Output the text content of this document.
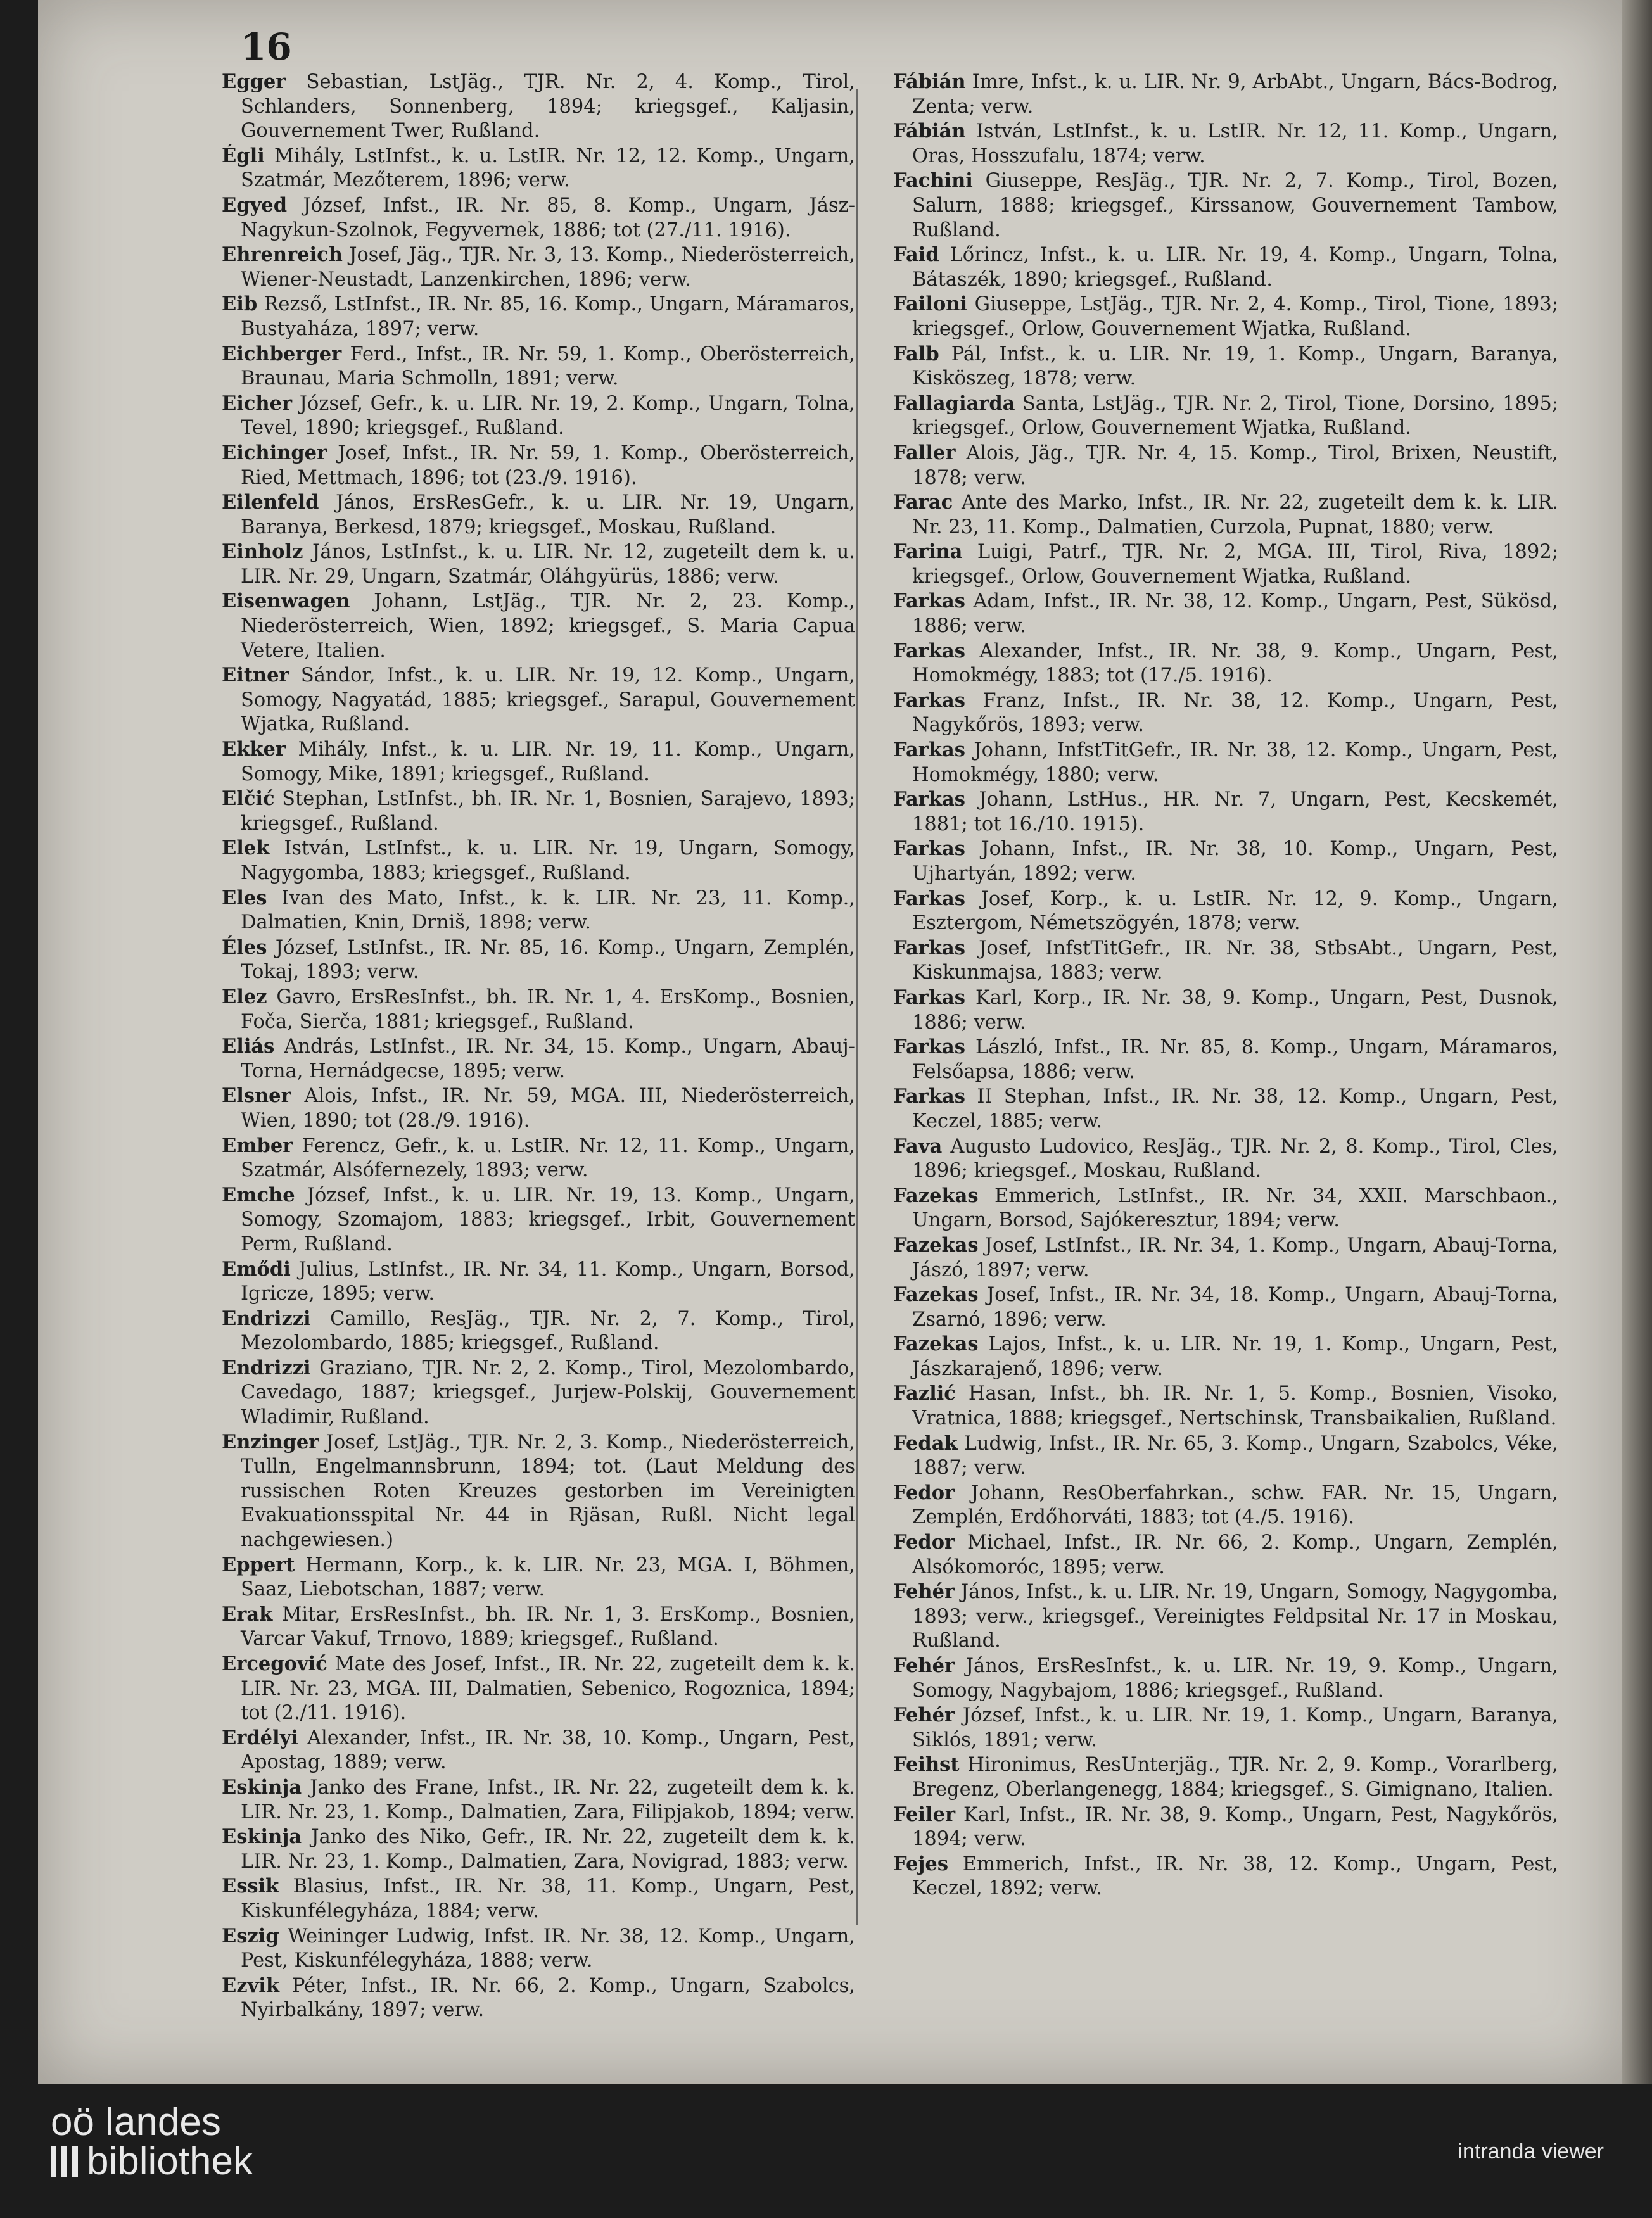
16

Egger Sebastian, LstJäg., TJR. Nr. 2, 4. Komp., Tirol, Schlanders, Sonnenberg, 1894; kriegsgef., Kaljasin, Gouvernement Twer, Rußland.

Égli Mihály, LstInfst., k. u. LstIR. Nr. 12, 12. Komp., Ungarn, Szatmár, Mezőterem, 1896; verw.

Egyed József, Infst., IR. Nr. 85, 8. Komp., Ungarn, Jász-Nagykun-Szolnok, Fegyvernek, 1886; tot (27./11. 1916).

Ehrenreich Josef, Jäg., TJR. Nr. 3, 13. Komp., Niederösterreich, Wiener-Neustadt, Lanzenkirchen, 1896; verw.

Eib Rezső, LstInfst., IR. Nr. 85, 16. Komp., Ungarn, Máramaros, Bustyaháza, 1897; verw.

Eichberger Ferd., Infst., IR. Nr. 59, 1. Komp., Oberösterreich, Braunau, Maria Schmolln, 1891; verw.

Eicher József, Gefr., k. u. LIR. Nr. 19, 2. Komp., Ungarn, Tolna, Tevel, 1890; kriegsgef., Rußland.

Eichinger Josef, Infst., IR. Nr. 59, 1. Komp., Oberösterreich, Ried, Mettmach, 1896; tot (23./9. 1916).

Eilenfeld János, ErsResGefr., k. u. LIR. Nr. 19, Ungarn, Baranya, Berkesd, 1879; kriegsgef., Moskau, Rußland.

Einholz János, LstInfst., k. u. LIR. Nr. 12, zugeteilt dem k. u. LIR. Nr. 29, Ungarn, Szatmár, Oláhgyürüs, 1886; verw.

Eisenwagen Johann, LstJäg., TJR. Nr. 2, 23. Komp., Niederösterreich, Wien, 1892; kriegsgef., S. Maria Capua Vetere, Italien.

Eitner Sándor, Infst., k. u. LIR. Nr. 19, 12. Komp., Ungarn, Somogy, Nagyatád, 1885; kriegsgef., Sarapul, Gouvernement Wjatka, Rußland.

Ekker Mihály, Infst., k. u. LIR. Nr. 19, 11. Komp., Ungarn, Somogy, Mike, 1891; kriegsgef., Rußland.

Elčić Stephan, LstInfst., bh. IR. Nr. 1, Bosnien, Sarajevo, 1893; kriegsgef., Rußland.

Elek István, LstInfst., k. u. LIR. Nr. 19, Ungarn, Somogy, Nagygomba, 1883; kriegsgef., Rußland.

Eles Ivan des Mato, Infst., k. k. LIR. Nr. 23, 11. Komp., Dalmatien, Knin, Drniš, 1898; verw.

Éles József, LstInfst., IR. Nr. 85, 16. Komp., Ungarn, Zemplén, Tokaj, 1893; verw.

Elez Gavro, ErsResInfst., bh. IR. Nr. 1, 4. ErsKomp., Bosnien, Foča, Sierča, 1881; kriegsgef., Rußland.

Eliás András, LstInfst., IR. Nr. 34, 15. Komp., Ungarn, Abauj-Torna, Hernádgecse, 1895; verw.

Elsner Alois, Infst., IR. Nr. 59, MGA. III, Niederösterreich, Wien, 1890; tot (28./9. 1916).

Ember Ferencz, Gefr., k. u. LstIR. Nr. 12, 11. Komp., Ungarn, Szatmár, Alsófernezely, 1893; verw.

Emche József, Infst., k. u. LIR. Nr. 19, 13. Komp., Ungarn, Somogy, Szomajom, 1883; kriegsgef., Irbit, Gouvernement Perm, Rußland.

Emődi Julius, LstInfst., IR. Nr. 34, 11. Komp., Ungarn, Borsod, Igricze, 1895; verw.

Endrizzi Camillo, ResJäg., TJR. Nr. 2, 7. Komp., Tirol, Mezolombardo, 1885; kriegsgef., Rußland.

Endrizzi Graziano, TJR. Nr. 2, 2. Komp., Tirol, Mezolombardo, Cavedago, 1887; kriegsgef., Jurjew-Polskij, Gouvernement Wladimir, Rußland.

Enzinger Josef, LstJäg., TJR. Nr. 2, 3. Komp., Niederösterreich, Tulln, Engelmannsbrunn, 1894; tot. (Laut Meldung des russischen Roten Kreuzes gestorben im Vereinigten Evakuationsspital Nr. 44 in Rjäsan, Rußl. Nicht legal nachgewiesen.)

Eppert Hermann, Korp., k. k. LIR. Nr. 23, MGA. I, Böhmen, Saaz, Liebotschan, 1887; verw.

Erak Mitar, ErsResInfst., bh. IR. Nr. 1, 3. ErsKomp., Bosnien, Varcar Vakuf, Trnovo, 1889; kriegsgef., Rußland.

Ercegović Mate des Josef, Infst., IR. Nr. 22, zugeteilt dem k. k. LIR. Nr. 23, MGA. III, Dalmatien, Sebenico, Rogoznica, 1894; tot (2./11. 1916).

Erdélyi Alexander, Infst., IR. Nr. 38, 10. Komp., Ungarn, Pest, Apostag, 1889; verw.

Eskinja Janko des Frane, Infst., IR. Nr. 22, zugeteilt dem k. k. LIR. Nr. 23, 1. Komp., Dalmatien, Zara, Filipjakob, 1894; verw.

Eskinja Janko des Niko, Gefr., IR. Nr. 22, zugeteilt dem k. k. LIR. Nr. 23, 1. Komp., Dalmatien, Zara, Novigrad, 1883; verw.

Essik Blasius, Infst., IR. Nr. 38, 11. Komp., Ungarn, Pest, Kiskunfélegyháza, 1884; verw.

Eszig Weininger Ludwig, Infst. IR. Nr. 38, 12. Komp., Ungarn, Pest, Kiskunfélegyháza, 1888; verw.

Ezvik Péter, Infst., IR. Nr. 66, 2. Komp., Ungarn, Szabolcs, Nyirbalkány, 1897; verw.

Fábián Imre, Infst., k. u. LIR. Nr. 9, ArbAbt., Ungarn, Bács-Bodrog, Zenta; verw.

Fábián István, LstInfst., k. u. LstIR. Nr. 12, 11. Komp., Ungarn, Oras, Hosszufalu, 1874; verw.

Fachini Giuseppe, ResJäg., TJR. Nr. 2, 7. Komp., Tirol, Bozen, Salurn, 1888; kriegsgef., Kirssanow, Gouvernement Tambow, Rußland.

Faid Lőrincz, Infst., k. u. LIR. Nr. 19, 4. Komp., Ungarn, Tolna, Bátaszék, 1890; kriegsgef., Rußland.

Failoni Giuseppe, LstJäg., TJR. Nr. 2, 4. Komp., Tirol, Tione, 1893; kriegsgef., Orlow, Gouvernement Wjatka, Rußland.

Falb Pál, Infst., k. u. LIR. Nr. 19, 1. Komp., Ungarn, Baranya, Kisköszeg, 1878; verw.

Fallagiarda Santa, LstJäg., TJR. Nr. 2, Tirol, Tione, Dorsino, 1895; kriegsgef., Orlow, Gouvernement Wjatka, Rußland.

Faller Alois, Jäg., TJR. Nr. 4, 15. Komp., Tirol, Brixen, Neustift, 1878; verw.

Farac Ante des Marko, Infst., IR. Nr. 22, zugeteilt dem k. k. LIR. Nr. 23, 11. Komp., Dalmatien, Curzola, Pupnat, 1880; verw.

Farina Luigi, Patrf., TJR. Nr. 2, MGA. III, Tirol, Riva, 1892; kriegsgef., Orlow, Gouvernement Wjatka, Rußland.

Farkas Adam, Infst., IR. Nr. 38, 12. Komp., Ungarn, Pest, Sükösd, 1886; verw.

Farkas Alexander, Infst., IR. Nr. 38, 9. Komp., Ungarn, Pest, Homokmégy, 1883; tot (17./5. 1916).

Farkas Franz, Infst., IR. Nr. 38, 12. Komp., Ungarn, Pest, Nagykőrös, 1893; verw.

Farkas Johann, InfstTitGefr., IR. Nr. 38, 12. Komp., Ungarn, Pest, Homokmégy, 1880; verw.

Farkas Johann, LstHus., HR. Nr. 7, Ungarn, Pest, Kecskemét, 1881; tot 16./10. 1915).

Farkas Johann, Infst., IR. Nr. 38, 10. Komp., Ungarn, Pest, Ujhartyán, 1892; verw.

Farkas Josef, Korp., k. u. LstIR. Nr. 12, 9. Komp., Ungarn, Esztergom, Németszögyén, 1878; verw.

Farkas Josef, InfstTitGefr., IR. Nr. 38, StbsAbt., Ungarn, Pest, Kiskunmajsa, 1883; verw.

Farkas Karl, Korp., IR. Nr. 38, 9. Komp., Ungarn, Pest, Dusnok, 1886; verw.

Farkas László, Infst., IR. Nr. 85, 8. Komp., Ungarn, Máramaros, Felsőapsa, 1886; verw.

Farkas II Stephan, Infst., IR. Nr. 38, 12. Komp., Ungarn, Pest, Keczel, 1885; verw.

Fava Augusto Ludovico, ResJäg., TJR. Nr. 2, 8. Komp., Tirol, Cles, 1896; kriegsgef., Moskau, Rußland.

Fazekas Emmerich, LstInfst., IR. Nr. 34, XXII. Marschbaon., Ungarn, Borsod, Sajókeresztur, 1894; verw.

Fazekas Josef, LstInfst., IR. Nr. 34, 1. Komp., Ungarn, Abauj-Torna, Jászó, 1897; verw.

Fazekas Josef, Infst., IR. Nr. 34, 18. Komp., Ungarn, Abauj-Torna, Zsarnó, 1896; verw.

Fazekas Lajos, Infst., k. u. LIR. Nr. 19, 1. Komp., Ungarn, Pest, Jászkarajenő, 1896; verw.

Fazlić Hasan, Infst., bh. IR. Nr. 1, 5. Komp., Bosnien, Visoko, Vratnica, 1888; kriegsgef., Nertschinsk, Transbaikalien, Rußland.

Fedak Ludwig, Infst., IR. Nr. 65, 3. Komp., Ungarn, Szabolcs, Véke, 1887; verw.

Fedor Johann, ResOberfahrkan., schw. FAR. Nr. 15, Ungarn, Zemplén, Erdőhorváti, 1883; tot (4./5. 1916).

Fedor Michael, Infst., IR. Nr. 66, 2. Komp., Ungarn, Zemplén, Alsókomoróc, 1895; verw.

Fehér János, Infst., k. u. LIR. Nr. 19, Ungarn, Somogy, Nagygomba, 1893; verw., kriegsgef., Vereinigtes Feldpsital Nr. 17 in Moskau, Rußland.

Fehér János, ErsResInfst., k. u. LIR. Nr. 19, 9. Komp., Ungarn, Somogy, Nagybajom, 1886; kriegsgef., Rußland.

Fehér József, Infst., k. u. LIR. Nr. 19, 1. Komp., Ungarn, Baranya, Siklós, 1891; verw.

Feihst Hironimus, ResUnterjäg., TJR. Nr. 2, 9. Komp., Vorarlberg, Bregenz, Oberlangenegg, 1884; kriegsgef., S. Gimignano, Italien.

Feiler Karl, Infst., IR. Nr. 38, 9. Komp., Ungarn, Pest, Nagykőrös, 1894; verw.

Fejes Emmerich, Infst., IR. Nr. 38, 12. Komp., Ungarn, Pest, Keczel, 1892; verw.

oö landes
bibliothek	intranda viewer
